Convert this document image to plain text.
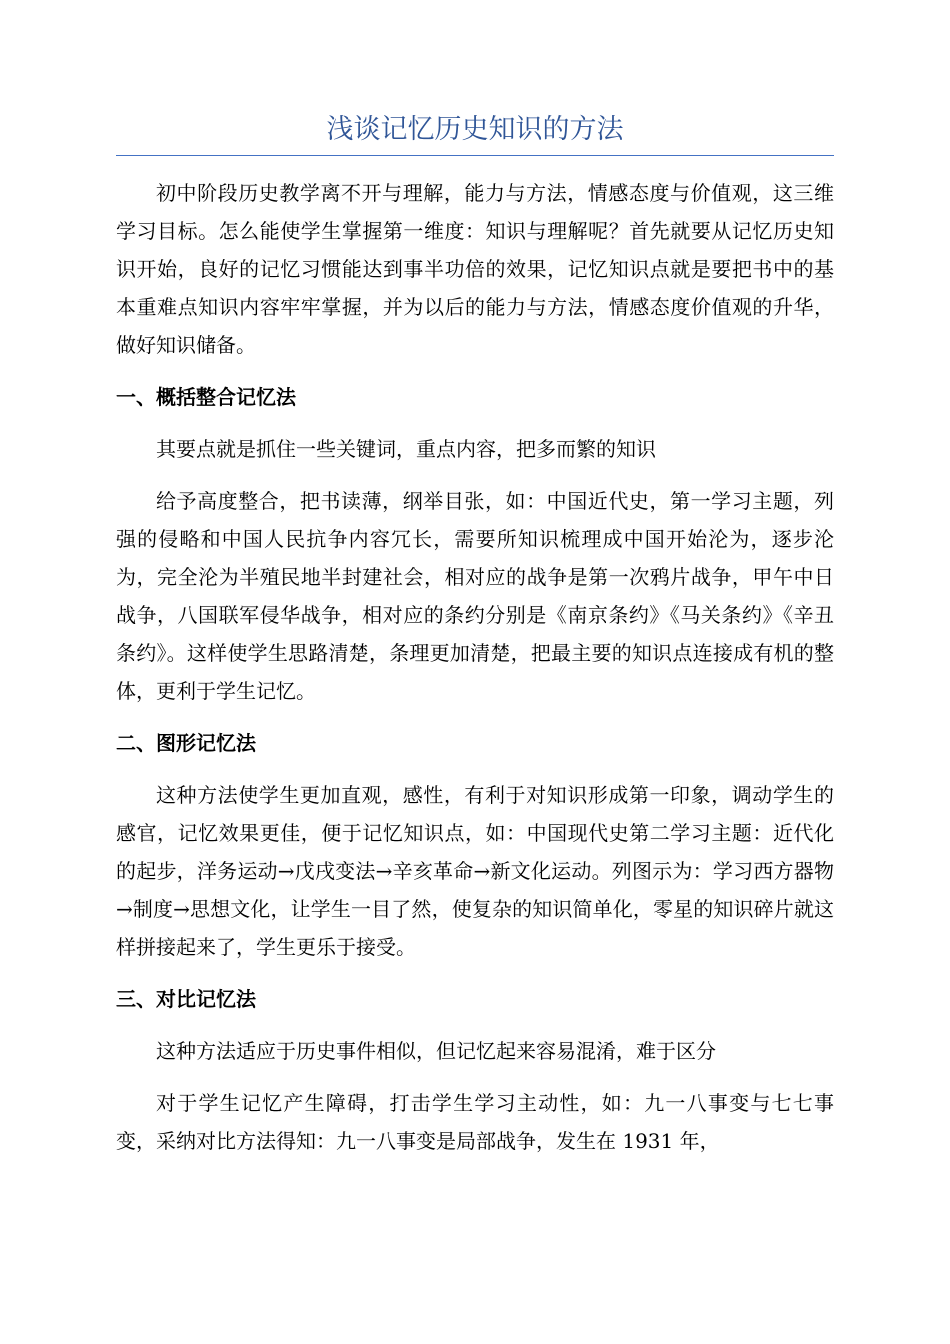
浅谈记忆历史知识的方法

初中阶段历史教学离不开与理解，能力与方法，情感态度与价值观，这三维学习目标。怎么能使学生掌握第一维度：知识与理解呢？首先就要从记忆历史知识开始，良好的记忆习惯能达到事半功倍的效果，记忆知识点就是要把书中的基本重难点知识内容牢牢掌握，并为以后的能力与方法，情感态度价值观的升华，做好知识储备。

一、概括整合记忆法

其要点就是抓住一些关键词，重点内容，把多而繁的知识

给予高度整合，把书读薄，纲举目张，如：中国近代史，第一学习主题，列强的侵略和中国人民抗争内容冗长，需要所知识梳理成中国开始沦为，逐步沦为，完全沦为半殖民地半封建社会，相对应的战争是第一次鸦片战争，甲午中日战争，八国联军侵华战争，相对应的条约分别是《南京条约》《马关条约》《辛丑条约》。这样使学生思路清楚，条理更加清楚，把最主要的知识点连接成有机的整体，更利于学生记忆。

二、图形记忆法

这种方法使学生更加直观，感性，有利于对知识形成第一印象，调动学生的感官，记忆效果更佳，便于记忆知识点，如：中国现代史第二学习主题：近代化的起步，洋务运动→戊戌变法→辛亥革命→新文化运动。列图示为：学习西方器物→制度→思想文化，让学生一目了然，使复杂的知识简单化，零星的知识碎片就这样拼接起来了，学生更乐于接受。

三、对比记忆法

这种方法适应于历史事件相似，但记忆起来容易混淆，难于区分

对于学生记忆产生障碍，打击学生学习主动性，如：九一八事变与七七事变，采纳对比方法得知：九一八事变是局部战争，发生在 1931 年，
